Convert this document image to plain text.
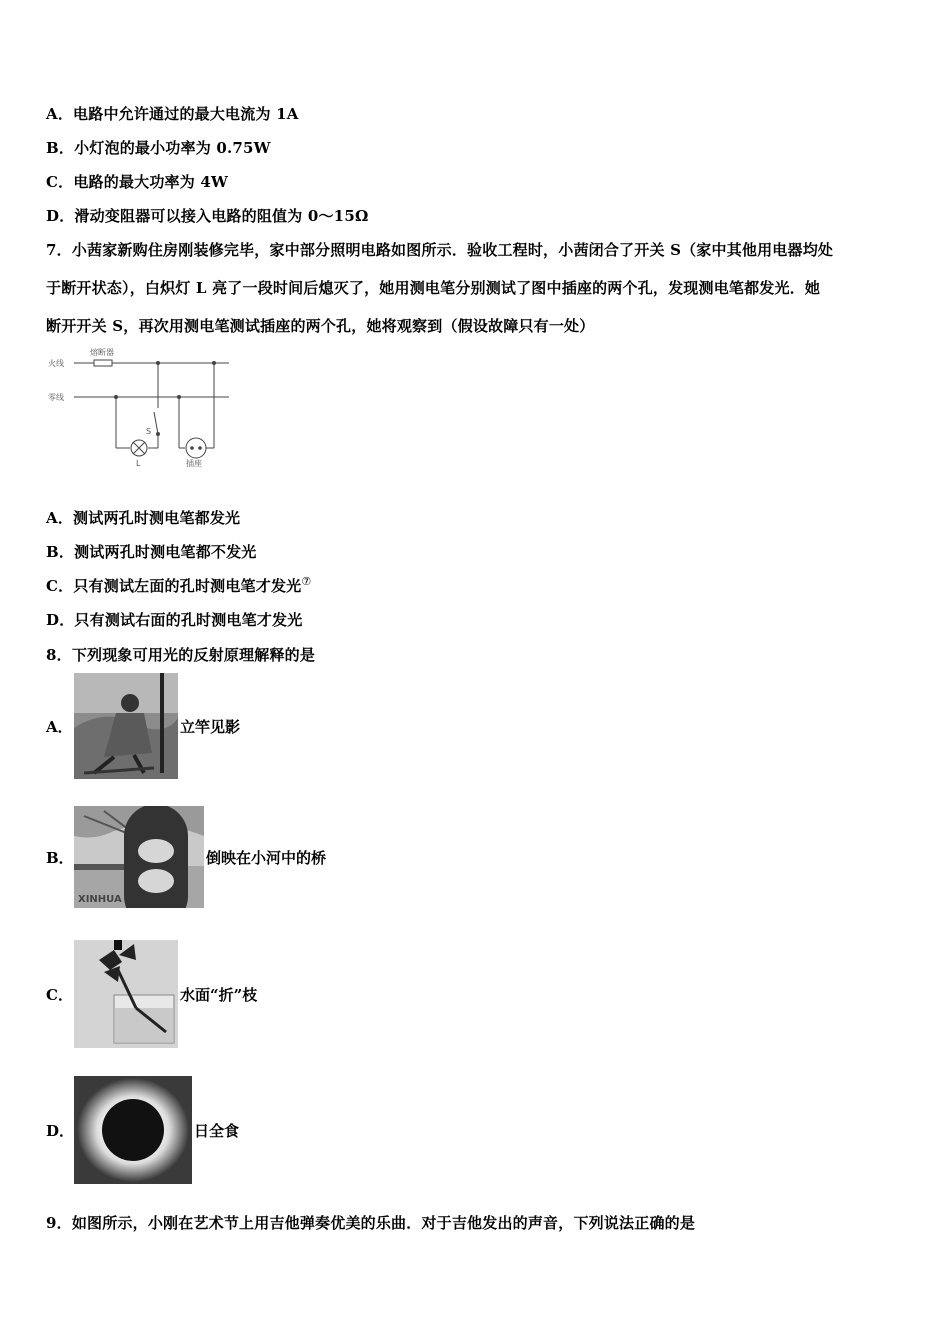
A．电路中允许通过的最大电流为 1A
B．小灯泡的最小功率为 0.75W
C．电路的最大功率为 4W
D．滑动变阻器可以接入电路的阻值为 0～15Ω
7．小茜家新购住房刚装修完毕，家中部分照明电路如图所示．验收工程时，小茜闭合了开关 S（家中其他用电器均处
于断开状态），白炽灯 L 亮了一段时间后熄灭了，她用测电笔分别测试了图中插座的两个孔，发现测电笔都发光．她
断开开关 S，再次用测电笔测试插座的两个孔，她将观察到（假设故障只有一处）
火线
零线
熔断器
S
L	插座
A．测试两孔时测电笔都发光
B．测试两孔时测电笔都不发光
C．只有测试左面的孔时测电笔才发光⑦
D．只有测试右面的孔时测电笔才发光
8．下列现象可用光的反射原理解释的是
A．	立竿见影
B．
XINHUA
倒映在小河中的桥
C．	水面“折”枝
D．	日全食
9．如图所示，小刚在艺术节上用吉他弹奏优美的乐曲．对于吉他发出的声音，下列说法正确的是
